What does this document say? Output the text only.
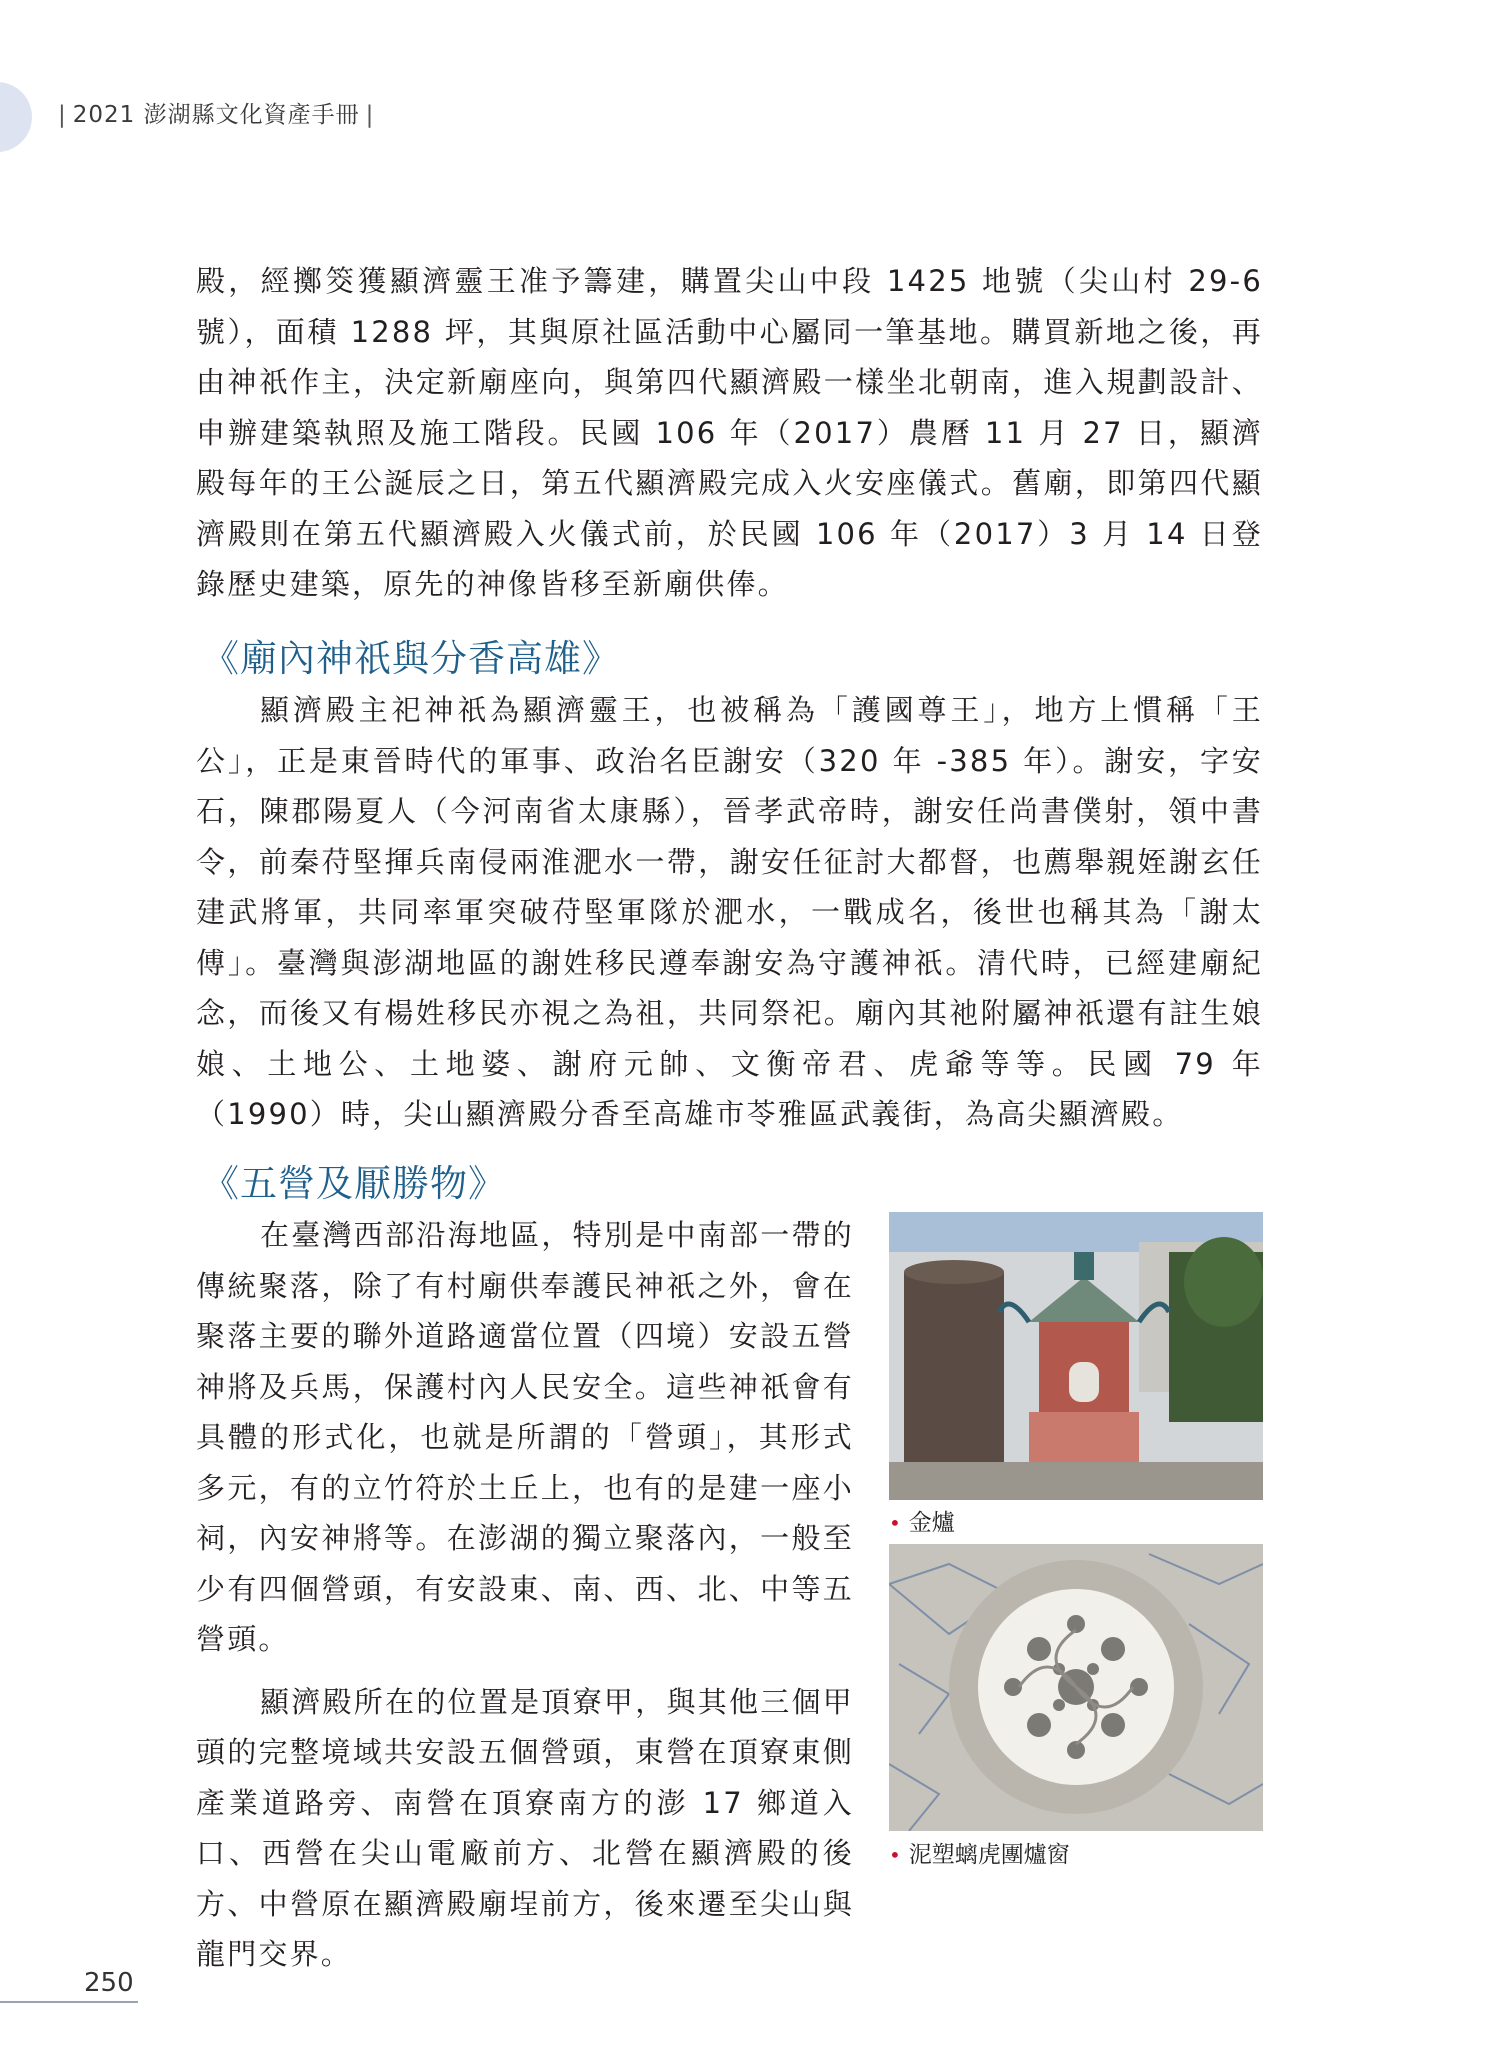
| 2021 澎湖縣文化資產手冊 |

殿，經擲筊獲顯濟靈王准予籌建，購置尖山中段 1425 地號（尖山村 29-6 號），面積 1288 坪，其與原社區活動中心屬同一筆基地。購買新地之後，再由神祇作主，決定新廟座向，與第四代顯濟殿一樣坐北朝南，進入規劃設計、申辦建築執照及施工階段。民國 106 年（2017）農曆 11 月 27 日，顯濟殿每年的王公誕辰之日，第五代顯濟殿完成入火安座儀式。舊廟，即第四代顯濟殿則在第五代顯濟殿入火儀式前，於民國 106 年（2017）3 月 14 日登錄歷史建築，原先的神像皆移至新廟供俸。

《廟內神祇與分香高雄》

顯濟殿主祀神祇為顯濟靈王，也被稱為「護國尊王」，地方上慣稱「王公」，正是東晉時代的軍事、政治名臣謝安（320 年 -385 年）。謝安，字安石，陳郡陽夏人（今河南省太康縣），晉孝武帝時，謝安任尚書僕射，領中書令，前秦苻堅揮兵南侵兩淮淝水一帶，謝安任征討大都督，也薦舉親姪謝玄任建武將軍，共同率軍突破苻堅軍隊於淝水，一戰成名，後世也稱其為「謝太傅」。臺灣與澎湖地區的謝姓移民遵奉謝安為守護神祇。清代時，已經建廟紀念，而後又有楊姓移民亦視之為祖，共同祭祀。廟內其祂附屬神祇還有註生娘娘、土地公、土地婆、謝府元帥、文衡帝君、虎爺等等。民國 79 年（1990）時，尖山顯濟殿分香至高雄市苓雅區武義街，為高尖顯濟殿。

《五營及厭勝物》

在臺灣西部沿海地區，特別是中南部一帶的傳統聚落，除了有村廟供奉護民神祇之外，會在聚落主要的聯外道路適當位置（四境）安設五營神將及兵馬，保護村內人民安全。這些神祇會有具體的形式化，也就是所謂的「營頭」，其形式多元，有的立竹符於土丘上，也有的是建一座小祠，內安神將等。在澎湖的獨立聚落內，一般至少有四個營頭，有安設東、南、西、北、中等五營頭。

顯濟殿所在的位置是頂寮甲，與其他三個甲頭的完整境域共安設五個營頭，東營在頂寮東側產業道路旁、南營在頂寮南方的澎 17 鄉道入口、西營在尖山電廠前方、北營在顯濟殿的後方、中營原在顯濟殿廟埕前方，後來遷至尖山與龍門交界。

• 金爐
• 泥塑螭虎團爐窗
250
